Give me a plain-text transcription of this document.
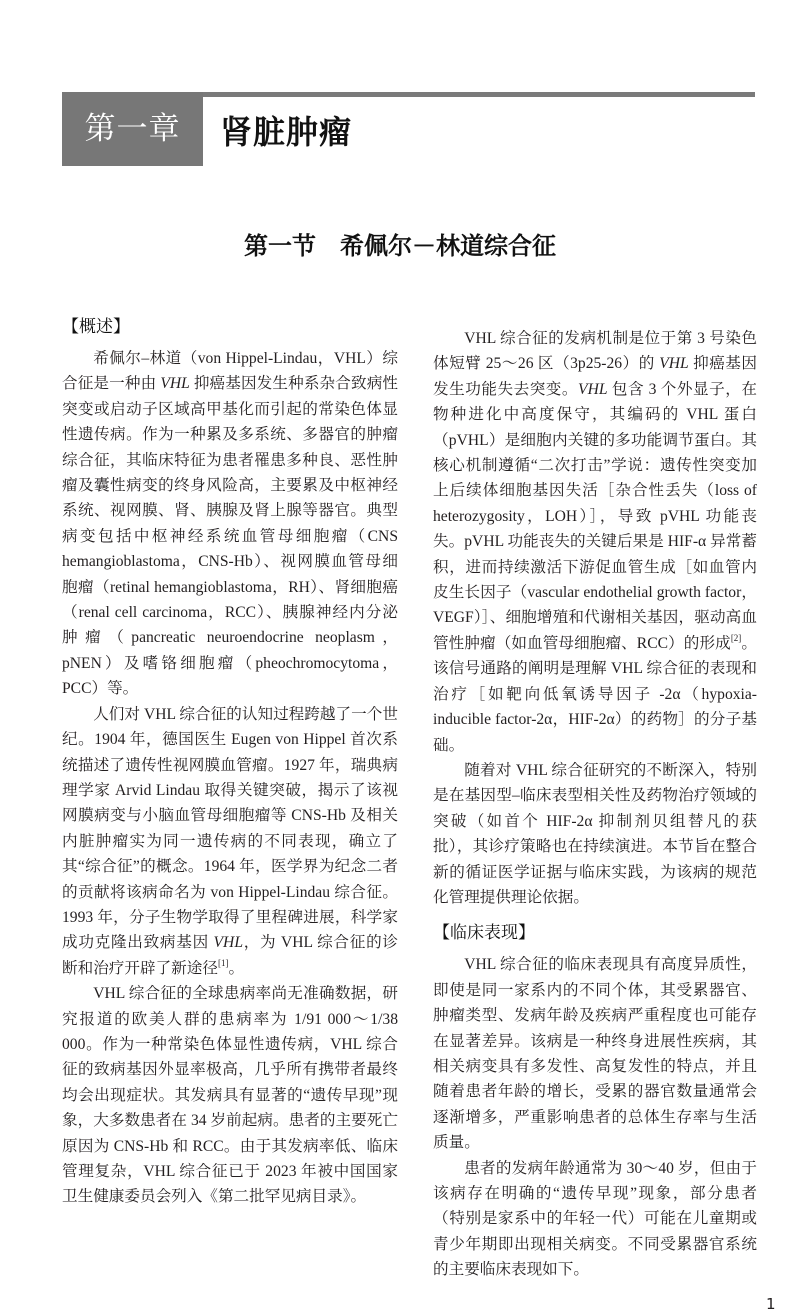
第一章	肾脏肿瘤
第一节 希佩尔－林道综合征
【概述】

希佩尔–林道（von Hippel-Lindau，VHL）综合征是一种由 VHL 抑癌基因发生种系杂合致病性突变或启动子区域高甲基化而引起的常染色体显性遗传病。作为一种累及多系统、多器官的肿瘤综合征，其临床特征为患者罹患多种良、恶性肿瘤及囊性病变的终身风险高，主要累及中枢神经系统、视网膜、肾、胰腺及肾上腺等器官。典型病变包括中枢神经系统血管母细胞瘤（CNS hemangioblastoma，CNS-Hb）、视网膜血管母细胞瘤（retinal hemangioblastoma，RH）、肾细胞癌（renal cell carcinoma，RCC）、胰腺神经内分泌肿瘤（pancreatic neuroendocrine neoplasm，pNEN）及嗜铬细胞瘤（pheochromocytoma，PCC）等。

人们对 VHL 综合征的认知过程跨越了一个世纪。1904 年，德国医生 Eugen von Hippel 首次系统描述了遗传性视网膜血管瘤。1927 年，瑞典病理学家 Arvid Lindau 取得关键突破，揭示了该视网膜病变与小脑血管母细胞瘤等 CNS-Hb 及相关内脏肿瘤实为同一遗传病的不同表现，确立了其“综合征”的概念。1964 年，医学界为纪念二者的贡献将该病命名为 von Hippel-Lindau 综合征。1993 年，分子生物学取得了里程碑进展，科学家成功克隆出致病基因 VHL，为 VHL 综合征的诊断和治疗开辟了新途径[1]。

VHL 综合征的全球患病率尚无准确数据，研究报道的欧美人群的患病率为 1/91 000～1/38 000。作为一种常染色体显性遗传病，VHL 综合征的致病基因外显率极高，几乎所有携带者最终均会出现症状。其发病具有显著的“遗传早现”现象，大多数患者在 34 岁前起病。患者的主要死亡原因为 CNS-Hb 和 RCC。由于其发病率低、临床管理复杂，VHL 综合征已于 2023 年被中国国家卫生健康委员会列入《第二批罕见病目录》。

VHL 综合征的发病机制是位于第 3 号染色体短臂 25～26 区（3p25-26）的 VHL 抑癌基因发生功能失去突变。VHL 包含 3 个外显子，在物种进化中高度保守，其编码的 VHL 蛋白（pVHL）是细胞内关键的多功能调节蛋白。其核心机制遵循“二次打击”学说：遗传性突变加上后续体细胞基因失活［杂合性丢失（loss of heterozygosity，LOH）］，导致 pVHL 功能丧失。pVHL 功能丧失的关键后果是 HIF-α 异常蓄积，进而持续激活下游促血管生成［如血管内皮生长因子（vascular endothelial growth factor，VEGF）］、细胞增殖和代谢相关基因，驱动高血管性肿瘤（如血管母细胞瘤、RCC）的形成[2]。该信号通路的阐明是理解 VHL 综合征的表现和治疗［如靶向低氧诱导因子 -2α（hypoxia-inducible factor-2α，HIF-2α）的药物］的分子基础。

随着对 VHL 综合征研究的不断深入，特别是在基因型–临床表型相关性及药物治疗领域的突破（如首个 HIF-2α 抑制剂贝组替凡的获批），其诊疗策略也在持续演进。本节旨在整合新的循证医学证据与临床实践，为该病的规范化管理提供理论依据。

【临床表现】

VHL 综合征的临床表现具有高度异质性，即使是同一家系内的不同个体，其受累器官、肿瘤类型、发病年龄及疾病严重程度也可能存在显著差异。该病是一种终身进展性疾病，其相关病变具有多发性、高复发性的特点，并且随着患者年龄的增长，受累的器官数量通常会逐渐增多，严重影响患者的总体生存率与生活质量。

患者的发病年龄通常为 30～40 岁，但由于该病存在明确的“遗传早现”现象，部分患者（特别是家系中的年轻一代）可能在儿童期或青少年期即出现相关病变。不同受累器官系统的主要临床表现如下。

1
